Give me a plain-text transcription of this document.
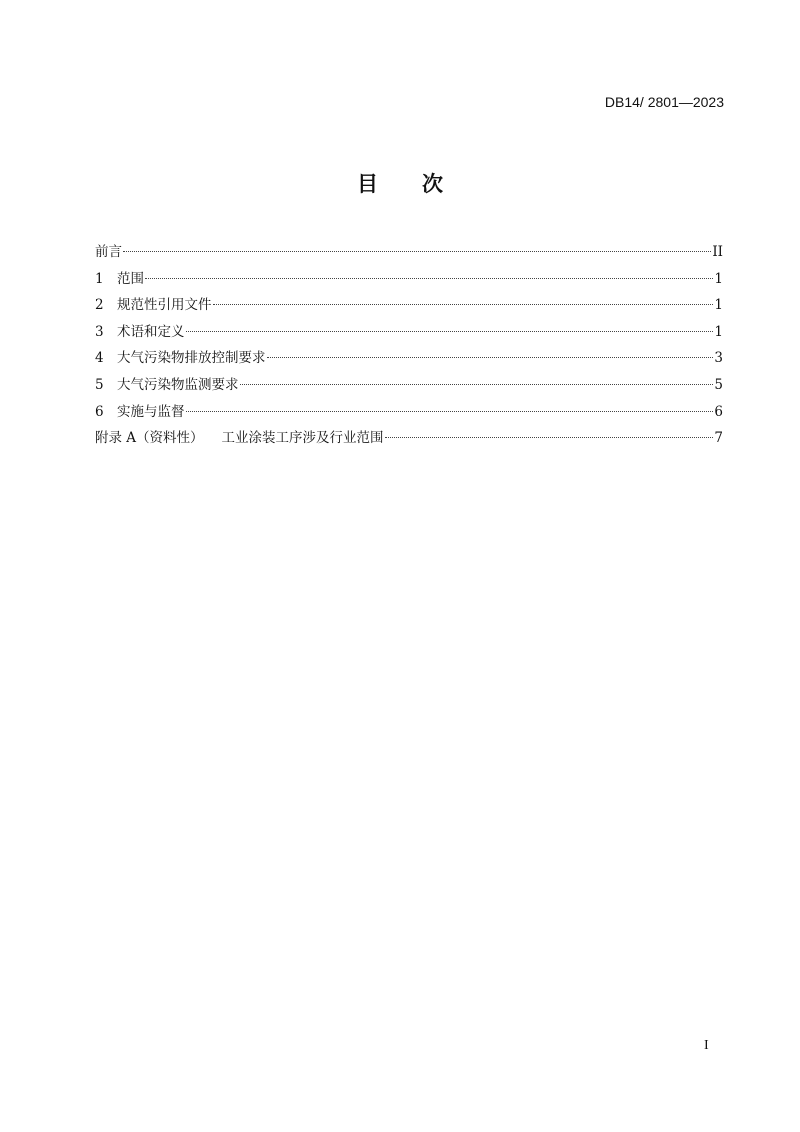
DB14/ 2801—2023
目 次
前言	II
1 范围	1
2 规范性引用文件	1
3 术语和定义	1
4 大气污染物排放控制要求	3
5 大气污染物监测要求	5
6 实施与监督	6
附录 A（资料性） 工业涂装工序涉及行业范围	7
I
